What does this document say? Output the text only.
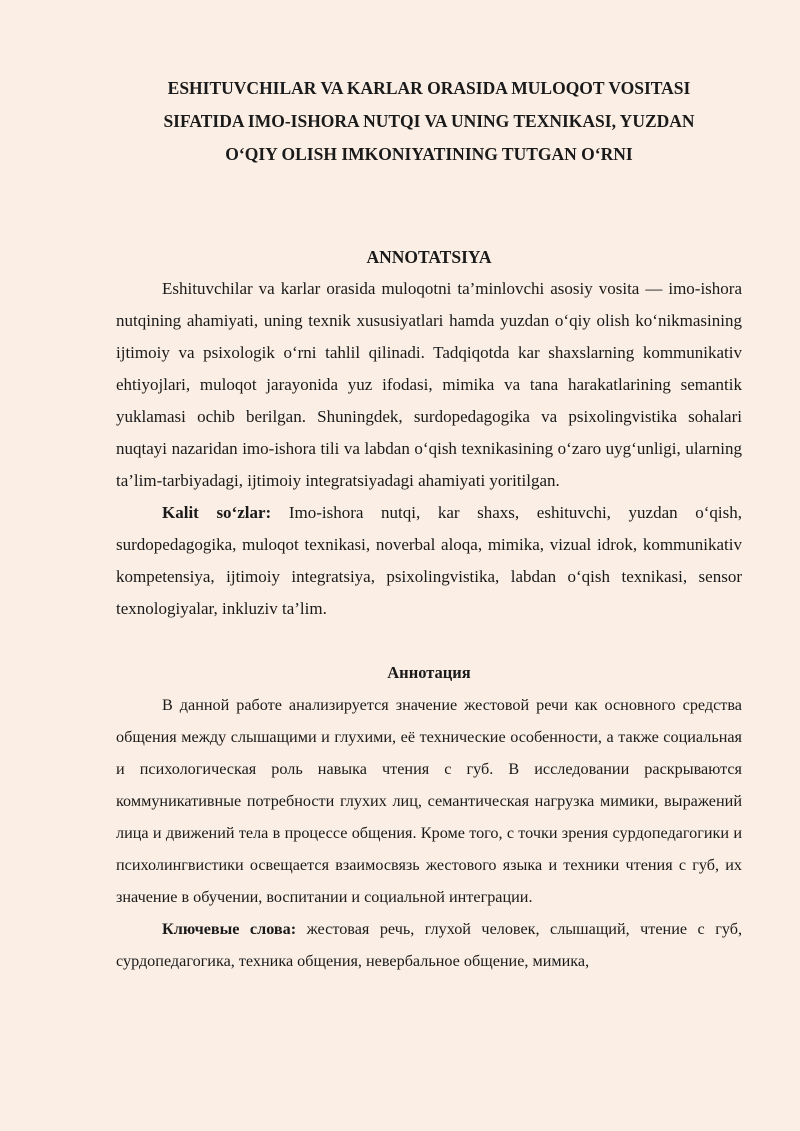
ESHITUVCHILAR VA KARLAR ORASIDA MULOQOT VOSITASI
SIFATIDA IMO-ISHORA NUTQI VA UNING TEXNIKASI, YUZDAN
O‘QIY OLISH IMKONIYATINING TUTGAN O‘RNI
ANNOTATSIYA

Eshituvchilar va karlar orasida muloqotni ta’minlovchi asosiy vosita — imo-ishora nutqining ahamiyati, uning texnik xususiyatlari hamda yuzdan o‘qiy olish ko‘nikmasining ijtimoiy va psixologik o‘rni tahlil qilinadi. Tadqiqotda kar shaxslarning kommunikativ ehtiyojlari, muloqot jarayonida yuz ifodasi, mimika va tana harakatlarining semantik yuklamasi ochib berilgan. Shuningdek, surdopedagogika va psixolingvistika sohalari nuqtayi nazaridan imo-ishora tili va labdan o‘qish texnikasining o‘zaro uyg‘unligi, ularning ta’lim-tarbiyadagi, ijtimoiy integratsiyadagi ahamiyati yoritilgan.

Kalit so‘zlar: Imo-ishora nutqi, kar shaxs, eshituvchi, yuzdan o‘qish, surdopedagogika, muloqot texnikasi, noverbal aloqa, mimika, vizual idrok, kommunikativ kompetensiya, ijtimoiy integratsiya, psixolingvistika, labdan o‘qish texnikasi, sensor texnologiyalar, inkluziv ta’lim.

Аннотация

В данной работе анализируется значение жестовой речи как основного средства общения между слышащими и глухими, её технические особенности, а также социальная и психологическая роль навыка чтения с губ. В исследовании раскрываются коммуникативные потребности глухих лиц, семантическая нагрузка мимики, выражений лица и движений тела в процессе общения. Кроме того, с точки зрения сурдопедагогики и психолингвистики освещается взаимосвязь жестового языка и техники чтения с губ, их значение в обучении, воспитании и социальной интеграции.

Ключевые слова: жестовая речь, глухой человек, слышащий, чтение с губ, сурдопедагогика, техника общения, невербальное общение, мимика,
